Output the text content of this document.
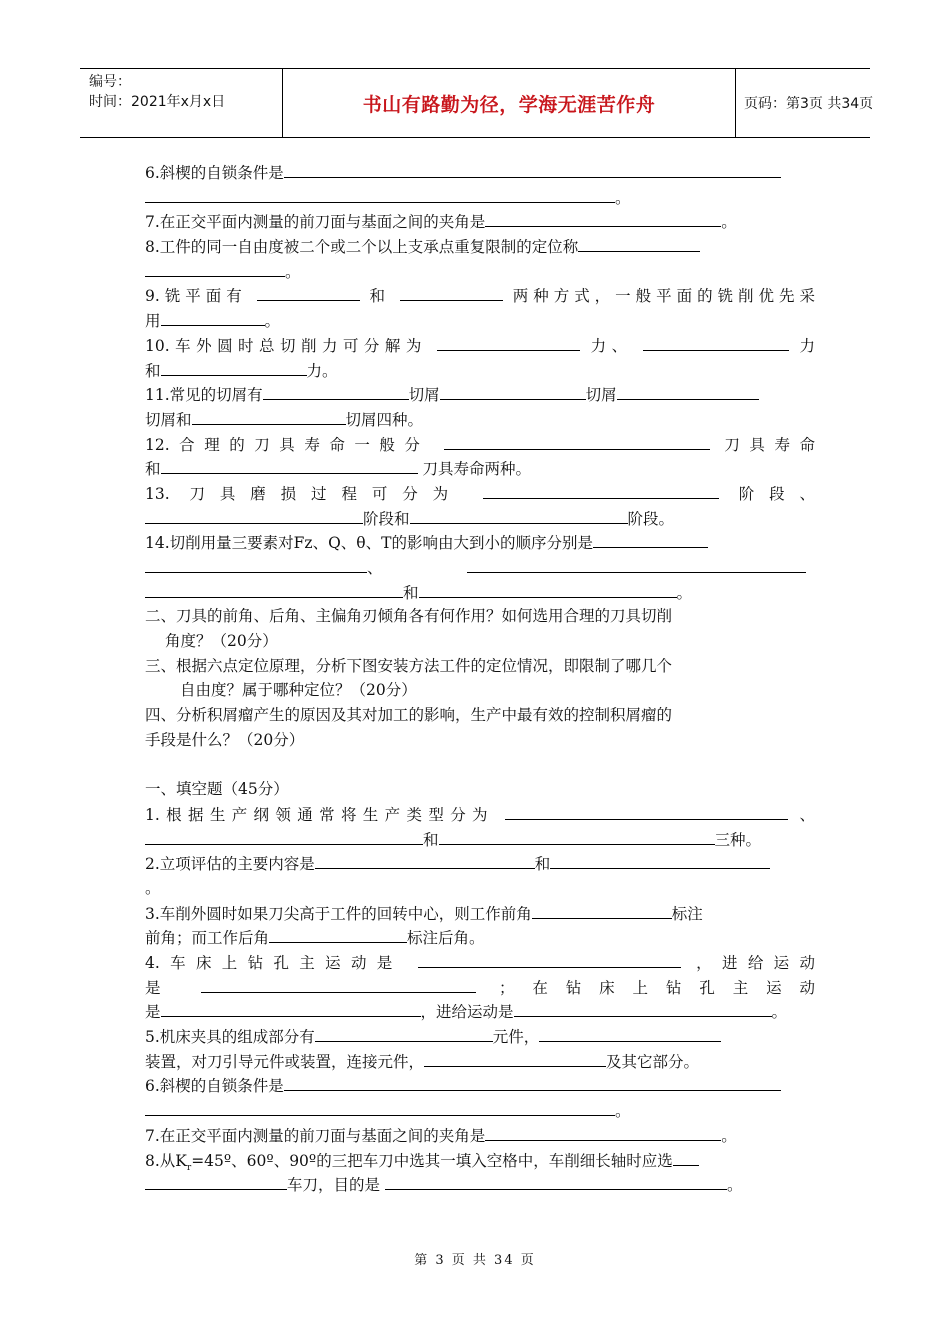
编号：
时间：2021年x月x日	书山有路勤为径，学海无涯苦作舟	页码：第3页 共34页
6.斜楔的自锁条件是
。
7.在正交平面内测量的前刀面与基面之间的夹角是	。
8.工件的同一自由度被二个或二个以上支承点重复限制的定位称
。
9.铣平面有	和	两种方式，一般平面的铣削优先采
用	。
10.车外圆时总切削力可分解为	力、	力
和	力。
11.常见的切屑有	切屑	切屑
切屑和	切屑四种。
12.合理的刀具寿命一般分	刀具寿命
和	刀具寿命两种。
13. 刀具磨损过程可分为	阶段、
阶段和	阶段。
14.切削用量三要素对Fz、Q、θ、T的影响由大到小的顺序分别是
、
和	。
二、刀具的前角、后角、主偏角刃倾角各有何作用？如何选用合理的刀具切削
角度？（20分）
三、根据六点定位原理，分析下图安装方法工件的定位情况，即限制了哪几个
自由度？属于哪种定位？（20分）
四、分析积屑瘤产生的原因及其对加工的影响，生产中最有效的控制积屑瘤的
手段是什么？（20分）
一、填空题（45分）
1.根据生产纲领通常将生产类型分为	、
和	三种。
2.立项评估的主要内容是	和
。
3.车削外圆时如果刀尖高于工件的回转中心，则工作前角	标注
前角；而工作后角	标注后角。
4.车床上钻孔主运动是	，进给运动
是	；在钻床上钻孔主运动
是	，进给运动是	。
5.机床夹具的组成部分有	元件，
装置，对刀引导元件或装置，连接元件，	及其它部分。
6.斜楔的自锁条件是
。
7.在正交平面内测量的前刀面与基面之间的夹角是	。
8.从$K_r=45º$、60º、90º的三把车刀中选其一填入空格中，车削细长轴时应选
车刀，目的是	。
第 3 页 共 34 页
